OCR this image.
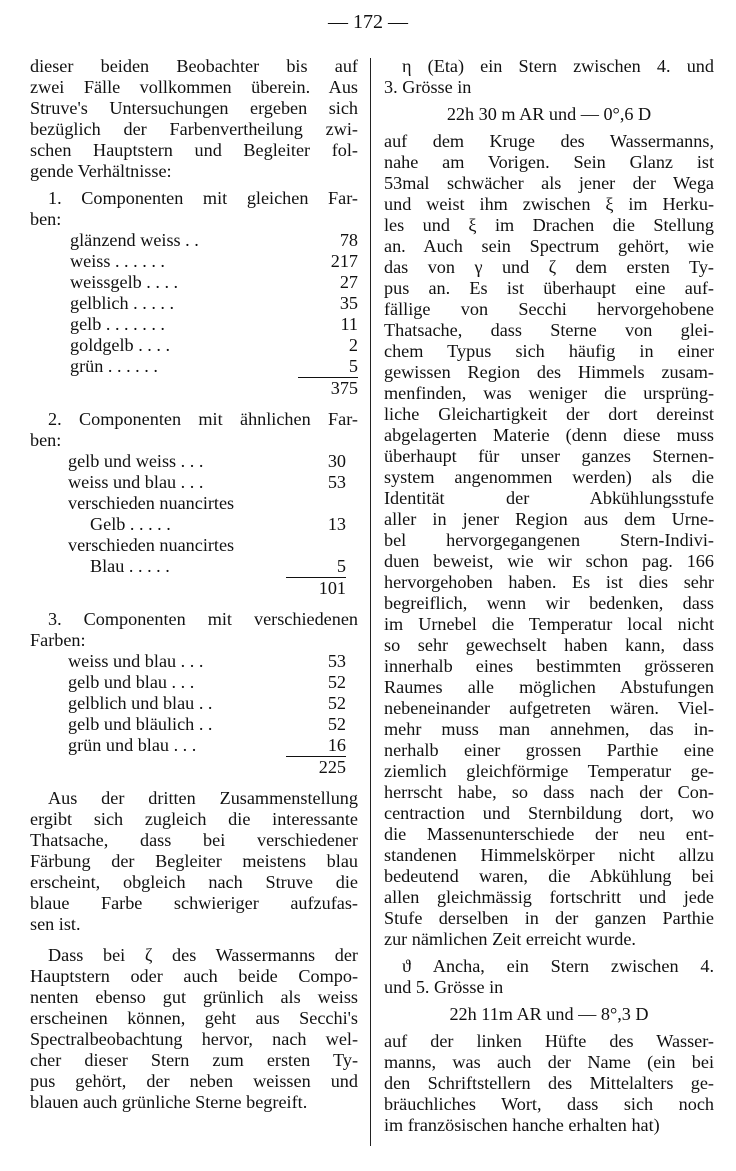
— 172 —

dieser beiden Beobachter bis auf
zwei Fälle vollkommen überein. Aus
Struve's Untersuchungen ergeben sich
bezüglich der Farbenvertheilung zwi-
schen Hauptstern und Begleiter fol-
gende Verhältnisse:

1. Componenten mit gleichen Far-
ben:

glänzend weiss . .	78
weiss . . . . . .	217
weissgelb . . . .	27
gelblich . . . . .	35
gelb . . . . . . .	11
goldgelb . . . .	2
grün . . . . . .	5
375

2. Componenten mit ähnlichen Far-
ben:

gelb und weiss . . .	30
weiss und blau . . .	53
verschieden nuancirtes
Gelb . . . . .	13
verschieden nuancirtes
Blau . . . . .	5
101

3. Componenten mit verschiedenen
Farben:

weiss und blau . . .	53
gelb und blau . . .	52
gelblich und blau . .	52
gelb und bläulich . .	52
grün und blau . . .	16
225

Aus der dritten Zusammenstellung
ergibt sich zugleich die interessante
Thatsache, dass bei verschiedener
Färbung der Begleiter meistens blau
erscheint, obgleich nach Struve die
blaue Farbe schwieriger aufzufas-
sen ist.

Dass bei ζ des Wassermanns der
Hauptstern oder auch beide Compo-
nenten ebenso gut grünlich als weiss
erscheinen können, geht aus Secchi's
Spectralbeobachtung hervor, nach wel-
cher dieser Stern zum ersten Ty-
pus gehört, der neben weissen und
blauen auch grünliche Sterne begreift.

η (Eta) ein Stern zwischen 4. und
3. Grösse in

22h 30 m AR und — 0°,6 D

auf dem Kruge des Wassermanns,
nahe am Vorigen. Sein Glanz ist
53mal schwächer als jener der Wega
und weist ihm zwischen ξ im Herku-
les und ξ im Drachen die Stellung
an. Auch sein Spectrum gehört, wie
das von γ und ζ dem ersten Ty-
pus an. Es ist überhaupt eine auf-
fällige von Secchi hervorgehobene
Thatsache, dass Sterne von glei-
chem Typus sich häufig in einer
gewissen Region des Himmels zusam-
menfinden, was weniger die ursprüng-
liche Gleichartigkeit der dort dereinst
abgelagerten Materie (denn diese muss
überhaupt für unser ganzes Sternen-
system angenommen werden) als die
Identität der Abkühlungsstufe
aller in jener Region aus dem Urne-
bel hervorgegangenen Stern-Indivi-
duen beweist, wie wir schon pag. 166
hervorgehoben haben. Es ist dies sehr
begreiflich, wenn wir bedenken, dass
im Urnebel die Temperatur local nicht
so sehr gewechselt haben kann, dass
innerhalb eines bestimmten grösseren
Raumes alle möglichen Abstufungen
nebeneinander aufgetreten wären. Viel-
mehr muss man annehmen, das in-
nerhalb einer grossen Parthie eine
ziemlich gleichförmige Temperatur ge-
herrscht habe, so dass nach der Con-
centraction und Sternbildung dort, wo
die Massenunterschiede der neu ent-
standenen Himmelskörper nicht allzu
bedeutend waren, die Abkühlung bei
allen gleichmässig fortschritt und jede
Stufe derselben in der ganzen Parthie
zur nämlichen Zeit erreicht wurde.

ϑ Ancha, ein Stern zwischen 4.
und 5. Grösse in

22h 11m AR und — 8°,3 D

auf der linken Hüfte des Wasser-
manns, was auch der Name (ein bei
den Schriftstellern des Mittelalters ge-
bräuchliches Wort, dass sich noch
im französischen hanche erhalten hat)
